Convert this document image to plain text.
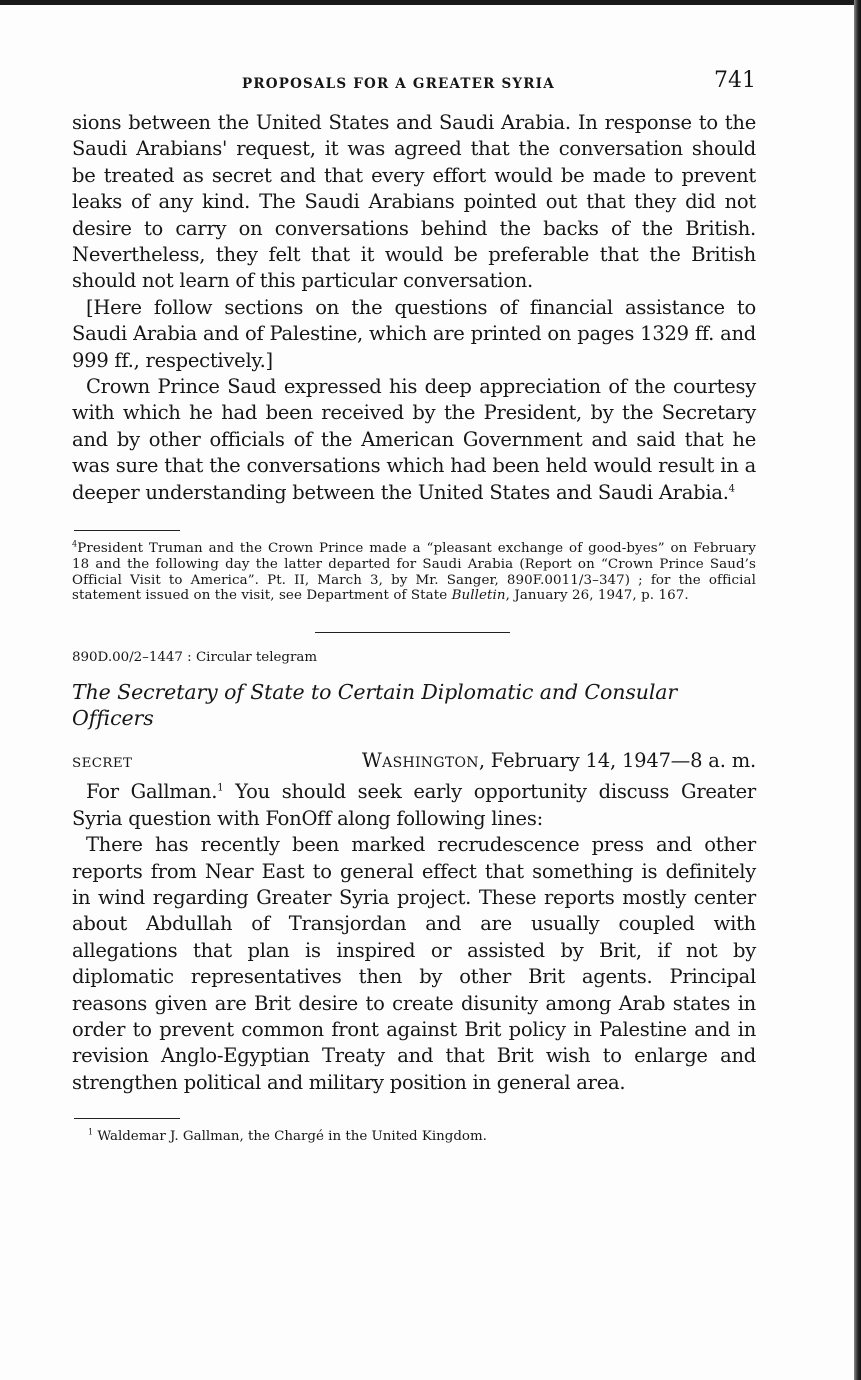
PROPOSALS FOR A GREATER SYRIA	741

sions between the United States and Saudi Arabia. In response to the Saudi Arabians' request, it was agreed that the conversation should be treated as secret and that every effort would be made to prevent leaks of any kind. The Saudi Arabians pointed out that they did not desire to carry on conversations behind the backs of the British. Nevertheless, they felt that it would be preferable that the British should not learn of this particular conversation.

[Here follow sections on the questions of financial assistance to Saudi Arabia and of Palestine, which are printed on pages 1329 ff. and 999 ff., respectively.]

Crown Prince Saud expressed his deep appreciation of the courtesy with which he had been received by the President, by the Secretary and by other officials of the American Government and said that he was sure that the conversations which had been held would result in a deeper understanding between the United States and Saudi Arabia.$^4$

$^4$President Truman and the Crown Prince made a “pleasant exchange of good-byes” on February 18 and the following day the latter departed for Saudi Arabia (Report on “Crown Prince Saud’s Official Visit to America”. Pt. II, March 3, by Mr. Sanger, 890F.0011/3–347) ; for the official statement issued on the visit, see Department of State Bulletin, January 26, 1947, p. 167.

890D.00/2–1447 : Circular telegram

The Secretary of State to Certain Diplomatic and Consular Officers

SECRET	Washington, February 14, 1947—8 a. m.

For Gallman.$^1$ You should seek early opportunity discuss Greater Syria question with FonOff along following lines:

There has recently been marked recrudescence press and other reports from Near East to general effect that something is definitely in wind regarding Greater Syria project. These reports mostly center about Abdullah of Transjordan and are usually coupled with allegations that plan is inspired or assisted by Brit, if not by diplomatic representatives then by other Brit agents. Principal reasons given are Brit desire to create disunity among Arab states in order to prevent common front against Brit policy in Palestine and in revision Anglo-Egyptian Treaty and that Brit wish to enlarge and strengthen political and military position in general area.

$^1$ Waldemar J. Gallman, the Chargé in the United Kingdom.
